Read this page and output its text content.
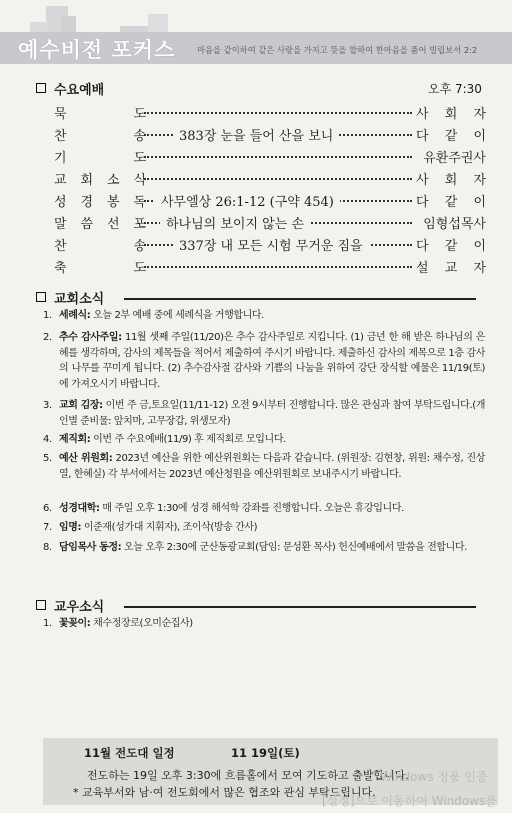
예수비전 포커스	마음을 같이하여 같은 사랑을 가지고 뜻을 합하여 한마음을 품어 빌립보서 2:2
수요예배	오후 7:30
묵	도	사 회 자
찬	송	383장 눈을 들어 산을 보니	다 같 이
기	도	유환주권사
교 회 소 식	사 회 자
성 경 봉 독	사무엘상 26:1-12 (구약 454)	다 같 이
말 씀 선 포	하나님의 보이지 않는 손	임형섭목사
찬	송	337장 내 모든 시험 무거운 짐을	다 같 이
축	도	설 교 자
교회소식
1. 세례식: 오늘 2부 예배 중에 세례식을 거행합니다.
2. 추수 감사주일: 11월 셋째 주일(11/20)은 추수 감사주일로 지킵니다. (1) 금년 한 해 받은 하나님의 은혜를 생각하며, 감사의 제목들을 적어서 제출하여 주시기 바랍니다. 제출하신 감사의 제목으로 1층 감사의 나무를 꾸미게 됩니다. (2) 추수감사절 감사와 기쁨의 나눔을 위하여 강단 장식할 예물은 11/19(토)에 가져오시기 바랍니다.
3. 교회 김장: 이번 주 금,토요일(11/11-12) 오전 9시부터 진행합니다. 많은 관심과 참여 부탁드립니다.(개인별 준비물: 앞치마, 고무장갑, 위생모자)
4. 제직회: 이번 주 수요예배(11/9) 후 제직회로 모입니다.
5. 예산 위원회: 2023년 예산을 위한 예산위원회는 다음과 같습니다. (위원장: 김현창, 위원: 채수정, 진상열, 한혜실) 각 부서에서는 2023년 예산청원을 예산위원회로 보내주시기 바랍니다.
6. 성경대학: 매 주일 오후 1:30에 성경 해석학 강좌를 진행합니다. 오늘은 휴강입니다.
7. 임명: 이준재(성가대 지휘자), 조이삭(방송 간사)
8. 담임목사 동정: 오늘 오후 2:30에 군산동광교회(담임: 문성환 목사) 헌신예배에서 말씀을 전합니다.
교우소식
1. 꽃꽂이: 채수정장로(오미순집사)
11월 전도대 일정	11 19일(토)
전도하는 19일 오후 3:30에 흐름홀에서 모여 기도하고 출발합니다.
* 교육부서와 남·여 전도회에서 많은 협조와 관심 부탁드립니다.
Windows 정품 인증
[설정]으로 이동하여 Windows를
